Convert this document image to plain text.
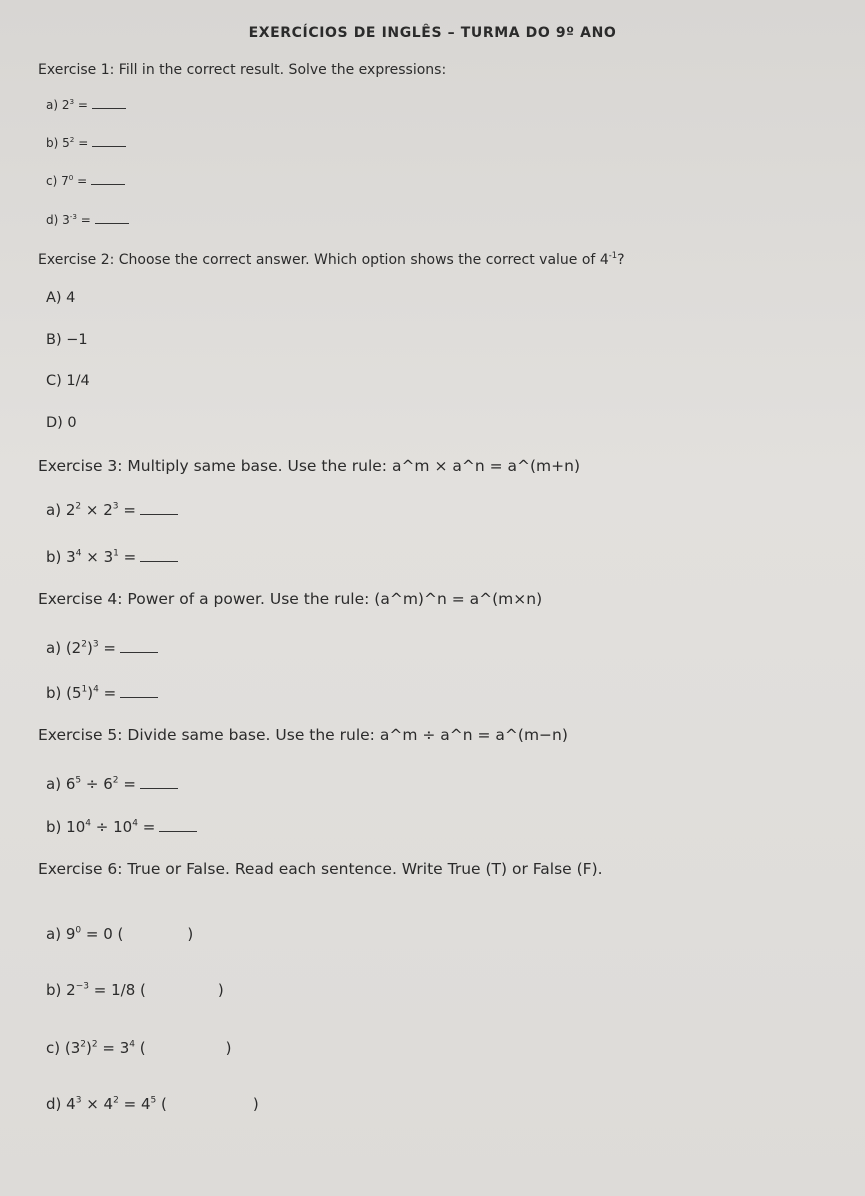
EXERCÍCIOS DE INGLÊS – TURMA DO 9º ANO
Exercise 1: Fill in the correct result. Solve the expressions:
a) $2^3$ =
b) $5^2$ =
c) $7^0$ =
d) $3^{-3}$ =
Exercise 2: Choose the correct answer. Which option shows the correct value of $4^{-1}$?
A) 4
B) −1
C) 1/4
D) 0
Exercise 3: Multiply same base. Use the rule: a^m × a^n = a^(m+n)
a) $2^2 \times 2^3$ =
b) $3^4 \times 3^1$ =
Exercise 4: Power of a power. Use the rule: (a^m)^n = a^(m×n)
a) $(2^2)^3$ =
b) $(5^1)^4$ =
Exercise 5: Divide same base. Use the rule: a^m ÷ a^n = a^(m−n)
a) $6^5 \div 6^2$ =
b) $10^4 \div 10^4$ =
Exercise 6: True or False. Read each sentence. Write True (T) or False (F).
a) $9^0 = 0$ (	)
b) $2^{-3} = 1/8$ (	)
c) $(3^2)^2 = 3^4$ (	)
d) $4^3 \times 4^2 = 4^5$ (	)
